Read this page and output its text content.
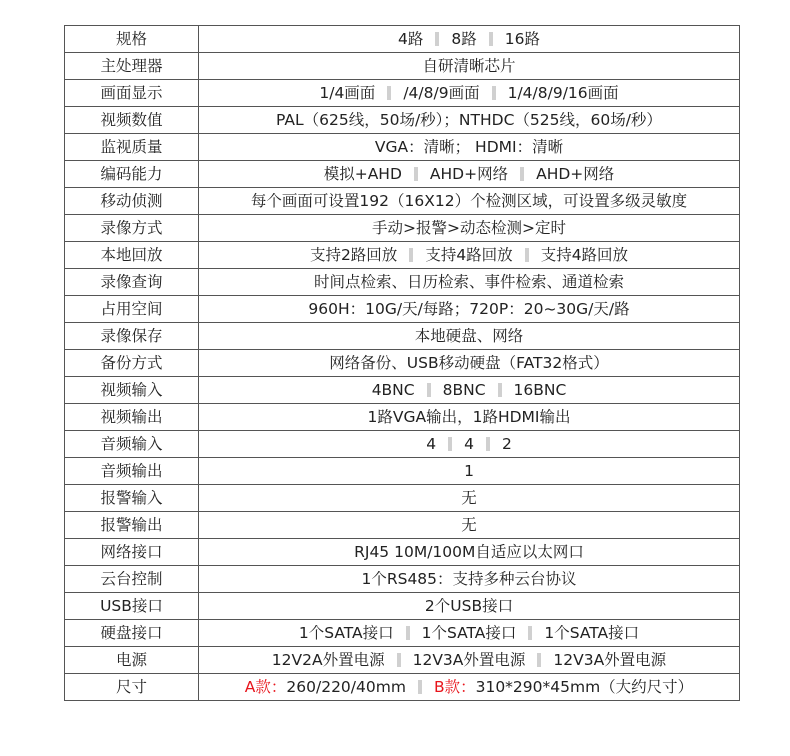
规格	4路 8路 16路
主处理器	自研清晰芯片
画面显示	1/4画面 /4/8/9画面 1/4/8/9/16画面
视频数值	PAL（625线，50场/秒）；NTHDC（525线，60场/秒）
监视质量	VGA：清晰； HDMI：清晰
编码能力	模拟+AHD AHD+网络 AHD+网络
移动侦测	每个画面可设置192（16X12）个检测区域，可设置多级灵敏度
录像方式	手动>报警>动态检测>定时
本地回放	支持2路回放 支持4路回放 支持4路回放
录像查询	时间点检索、日历检索、事件检索、通道检索
占用空间	960H：10G/天/每路；720P：20~30G/天/路
录像保存	本地硬盘、网络
备份方式	网络备份、USB移动硬盘（FAT32格式）
视频输入	4BNC 8BNC 16BNC
视频输出	1路VGA输出，1路HDMI输出
音频输入	4 4 2
音频输出	1
报警输入	无
报警输出	无
网络接口	RJ45 10M/100M自适应以太网口
云台控制	1个RS485：支持多种云台协议
USB接口	2个USB接口
硬盘接口	1个SATA接口 1个SATA接口 1个SATA接口
电源	12V2A外置电源 12V3A外置电源 12V3A外置电源
尺寸	A款：260/220/40mm B款：310*290*45mm（大约尺寸）
